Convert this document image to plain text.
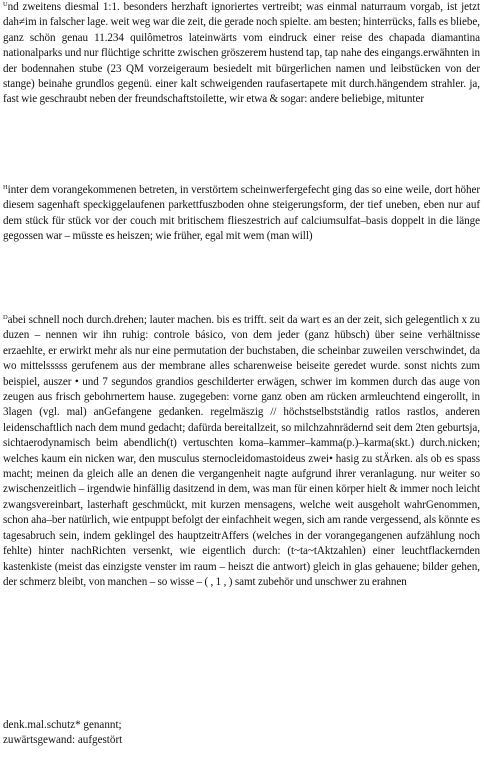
$^U$nd zweitens diesmal 1:1. besonders herzhaft ignoriertes vertreibt; was einmal naturraum vorgab, ist jetzt dah≠im in falscher lage. weit weg war die zeit, die gerade noch spielte. am besten; hinterrücks, falls es bliebe, ganz schön genau 11.234 quilômetros lateinwärts vom eindruck einer reise des chapada diamantina nationalparks und nur flüchtige schritte zwischen gröszerem hustend tap, tap nahe des eingangs.erwähnten in der bodennahen stube (23 QM vorzeigeraum besiedelt mit bürgerlichen namen und leibstücken von der stange) beinahe grundlos gegenü. einer kalt schweigenden raufasertapete mit durch.hängendem strahler. ja, fast wie geschraubt neben der freundschaftstoilette, wir etwa & sogar: andere beliebige, mitunter

$^H$inter dem vorangekommenen betreten, in verstörtem scheinwerfergefecht ging das so eine weile, dort höher diesem sagenhaft speckiggelaufenen parkettfuszboden ohne steigerungsform, der tief uneben, eben nur auf dem stück für stück vor der couch mit britischem flieszestrich auf calciumsulfat–basis doppelt in die länge gegossen war – müsste es heiszen; wie früher, egal mit wem (man will)

$^D$abei schnell noch durch.drehen; lauter machen. bis es trifft. seit da wart es an der zeit, sich gelegentlich x zu duzen – nennen wir ihn ruhig: controle básico, von dem jeder (ganz hübsch) über seine verhältnisse erzaehlte, er erwirkt mehr als nur eine permutation der buchstaben, die scheinbar zuweilen verschwindet, da wo mittelsssss gerufenem aus der membrane alles scharenweise beiseite geredet wurde. sonst nichts zum beispiel, auszer • und 7 segundos grandios geschilderter erwägen, schwer im kommen durch das auge von zeugen aus frisch gebohrnertem hause. zugegeben: vorne ganz oben am rücken armleuchtend eingerollt, in 3lagen (vgl. mal) anGefangene gedanken. regelmäszig // höchstselbstständig ratlos rastlos, anderen leidenschaftlich nach dem mund gedacht; dafürda bereitallzeit, so milchzahnrädernd seit dem 2ten geburtsja, sichtaerodynamisch beim abendlich(t) vertuschten koma–kammer–kamma(p.)–karma(skt.) durch.nicken; welches kaum ein nicken war, den musculus sternocleidomastoideus zwei• hasig zu stÄrken. als ob es spass macht; meinen da gleich alle an denen die vergangenheit nagte aufgrund ihrer veranlagung. nur weiter so zwischenzeitlich – irgendwie hinfällig dasitzend in dem, was man für einen körper hielt & immer noch leicht zwangsvereinbart, lasterhaft geschmückt, mit kurzen mensagens, welche weit ausgeholt wahrGenommen, schon aha–ber natürlich, wie entpuppt befolgt der einfachheit wegen, sich am rande vergessend, als könnte es tagesabruch sein, indem geklingel des hauptzeitrAffers (welches in der vorangegangenen aufzählung noch fehlte) hinter nachRichten versenkt, wie eigentlich durch: (t~ta~tAktzahlen) einer leuchtflackernden kastenkiste (meist das einzigste venster im raum – heiszt die antwort) gleich in glas gehauene; bilder gehen, der schmerz bleibt, von manchen – so wisse – ( , 1 , ) samt zubehör und unschwer zu erahnen

denk.mal.schutz* genannt;
zuwärtsgewand: aufgestört
